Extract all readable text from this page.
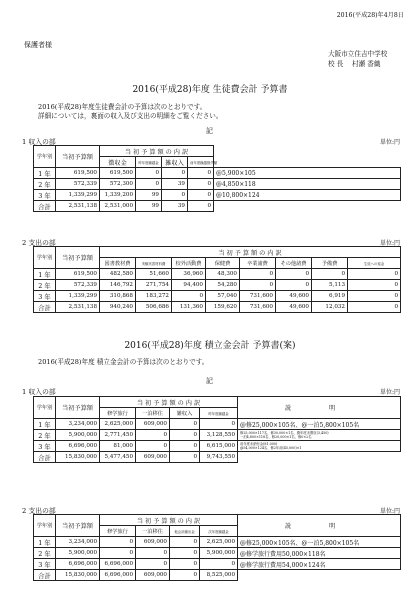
2016(平成28)年4月8日
保護者様
大阪市立住吉中学校
校 長　 村瀬 香織
2016(平成28)年度 生徒費会計 予算書
2016(平成28)年度生徒費会計の予算は次のとおりです。
詳細については，裏面の収入及び支出の明細をご覧ください。
記
1 収入の部	単位:円
学年別	当初予算額	当 初 予 算 額 の 内 訳				
		徴収金	昨年度繰越金	雑収入	前年度繰越損失額	
1 年	619,500	619,500	0	0	0	@5,900×105
2 年	572,339	572,300	0	39	0	@4,850×118
3 年	1,339,299	1,339,200	99	0	0	@10,800×124
合計	2,531,138	2,531,000	99	39	0	
2 支出の部	単位:円
学年別	当初予算額	当 初 予 算 額 の 内 訳							
		図書教材費	実験実習材料費	校外活動費	保健費	卒業諸費	その他諸費	予備費	生徒への返金
1 年	619,500	482,580	51,660	36,960	48,300	0	0	0	0
2 年	572,339	146,792	271,754	94,400	54,280	0	0	5,113	0
3 年	1,339,299	310,868	183,272	0	57,040	731,600	49,600	6,919	0
合計	2,531,138	940,240	506,686	131,360	159,620	731,600	49,600	12,032	0
2016(平成28)年度 積立金会計 予算書(案)
2016(平成28)年度 積立金会計の予算は次のとおりです。
記
1 収入の部	単位:円
学年別	当初予算額	当 初 予 算 額 の 内 訳				説 明
		修学旅行	一泊移住	雑収入	昨年度繰越金	
1 年	3,234,000	2,625,000	609,000	0	0	@修25,000×105名、@一泊5,800×105名
2 年	5,900,000	2,771,450	0	0	3,128,550	修25,000×117名、修30,000×1名、費年度未徴収(3,450)
一泊4,800×118名、修20,000×1名、修0×2名
3 年	6,696,000	81,000	0	0	6,615,000	前年度未納付金(81,000)
@54,000×124名、修2年前(45,000)×1
合計	15,830,000	5,477,450	609,000	0	9,743,550	
2 支出の部	単位:円
学年別	当初予算額	当 初 予 算 額 の 内 訳				説 明
		修学旅行	一泊移住	他会計繰出金	次年度繰越金	
1 年	3,234,000	0	609,000	0	2,625,000	@修25,000×105名、@一泊5,800×105名
2 年	5,900,000	0	0	0	5,900,000	@修学旅行費用50,000×118名
3 年	6,696,000	6,696,000	0	0	0	@修学旅行費用54,000×124名
合計	15,830,000	6,696,000	609,000	0	8,525,000	
